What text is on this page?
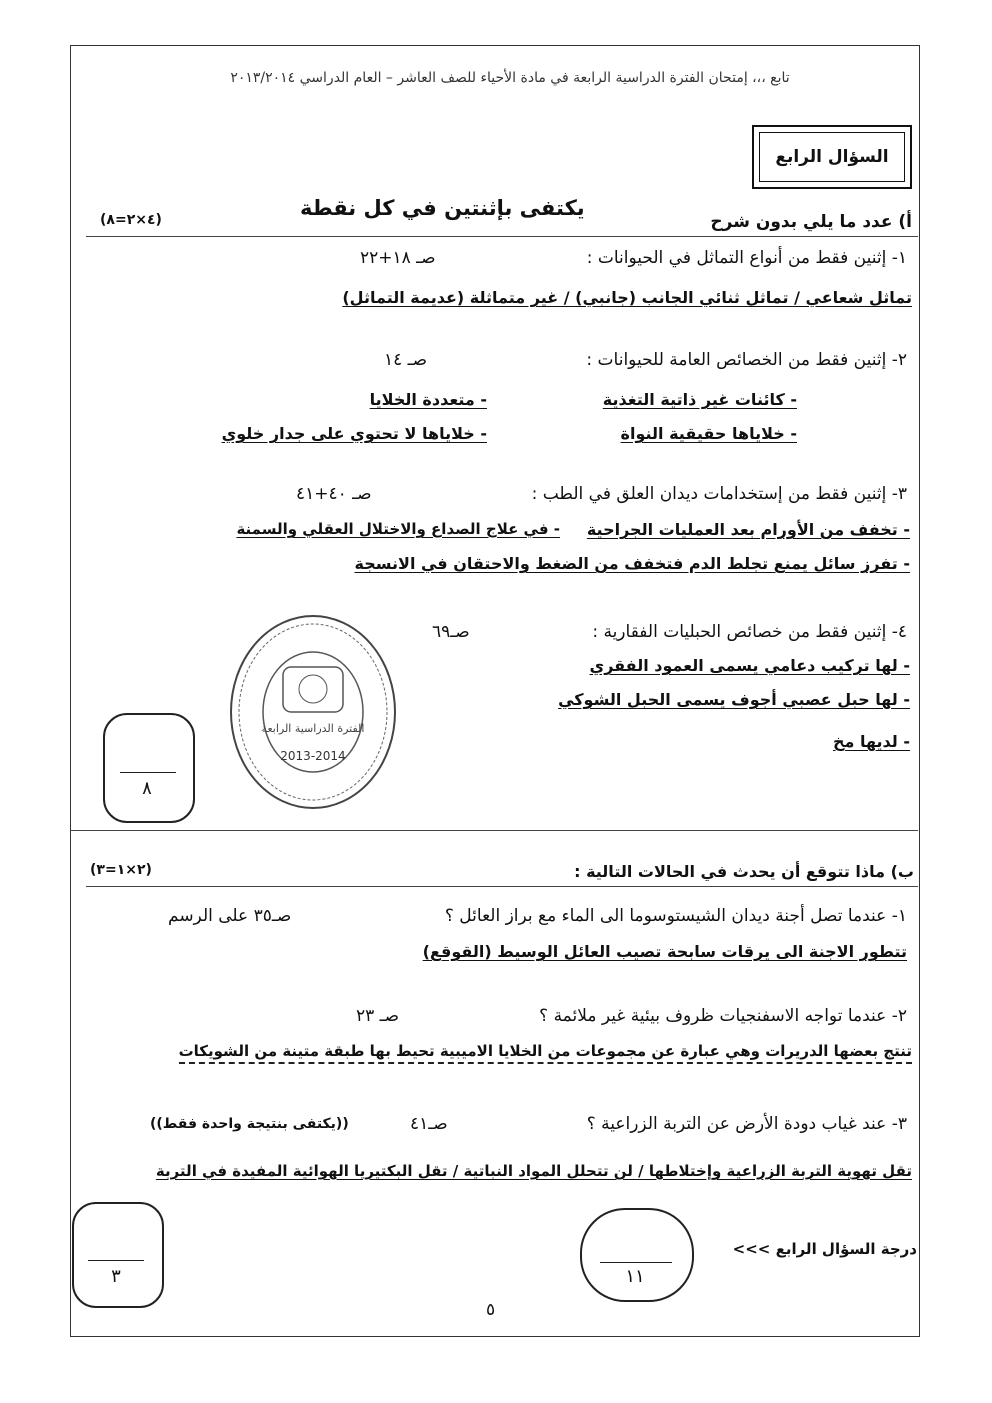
تابع ،،، إمتحان الفترة الدراسية الرابعة في مادة الأحياء للصف العاشر – العام الدراسي ٢٠١٣/٢٠١٤
السؤال الرابع
أ) عدد ما يلي بدون شرح
يكتفى بإثنتين في كل نقطة
(٤×٢=٨)
١- إثنين فقط من أنواع التماثل في الحيوانات :
صـ ١٨+٢٢
تماثل شعاعي / تماثل ثنائي الجانب (جانبي) / غير متماثلة (عديمة التماثل)
٢- إثنين فقط من الخصائص العامة للحيوانات :
صـ ١٤
- كائنات غير ذاتية التغذية
- متعددة الخلايا
- خلاياها حقيقية النواة
- خلاياها لا تحتوي على جدار خلوي
٣- إثنين فقط من إستخدامات ديدان العلق في الطب :
صـ ٤٠+٤١
- تخفف من الأورام بعد العمليات الجراحية
- في علاج الصداع والاختلال العقلي والسمنة
- تفرز سائل يمنع تجلط الدم فتخفف من الضغط والاحتقان في الانسجة
٤- إثنين فقط من خصائص الحبليات الفقارية :
صـ٦٩
- لها تركيب دعامي يسمى العمود الفقري
- لها حبل عصبي أجوف يسمى الحبل الشوكي
- لديها مخ
الفترة الدراسية الرابعة
2013-2014
٨
ب) ماذا تتوقع أن يحدث في الحالات التالية :
(٢×١=٣)
١- عندما تصل أجنة ديدان الشيستوسوما الى الماء مع براز العائل ؟
صـ٣٥ على الرسم
تتطور الاجنة الى يرقات سابحة تصيب العائل الوسيط (القوقع)
٢- عندما تواجه الاسفنجيات ظروف بيئية غير ملائمة ؟
صـ ٢٣
تنتج بعضها الدريرات وهي عبارة عن مجموعات من الخلايا الاميبية تحيط بها طبقة متينة من الشويكات
٣- عند غياب دودة الأرض عن التربة الزراعية ؟
صـ٤١
((يكتفى بنتيجة واحدة فقط))
تقل تهوية التربة الزراعية وإختلاطها / لن تتحلل المواد النباتية / تقل البكتيريا الهوائية المفيدة في التربة
٣	١١
درجة السؤال الرابع >>>
٥
